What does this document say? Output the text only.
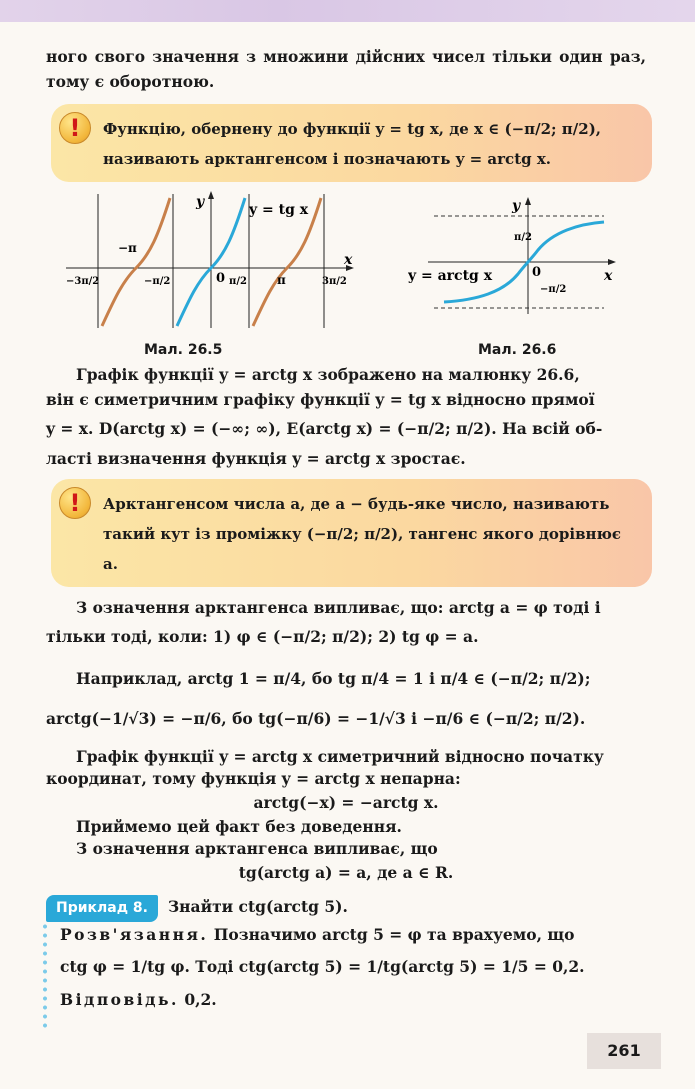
ного свого значення з множини дійсних чисел тільки один раз, тому є оборотною.

!	Функцію, обернену до функції y = tg x, де x ∈ (−π/2; π/2),
називають арктангенсом і позначають y = arctg x.
y
x
y = tg x
0
−3π/2
−π
−π/2	π/2	π	3π/2
Мал. 26.5
y
x
y = arctg x	0
π/2
−π/2
Мал. 26.6

Графік функції y = arctg x зображено на малюнку 26.6,

він є симетричним графіку функції y = tg x відносно прямої

y = x. D(arctg x) = (−∞; ∞), E(arctg x) = (−π/2; π/2). На всій об-

ласті визначення функція y = arctg x зростає.

!	Арктангенсом числа a, де a − будь-яке число, називають
такий кут із проміжку (−π/2; π/2), тангенс якого дорівнює a.

З означення арктангенса випливає, що: arctg a = φ тоді і

тільки тоді, коли: 1) φ ∈ (−π/2; π/2); 2) tg φ = a.

Наприклад, arctg 1 = π/4, бо tg π/4 = 1 і π/4 ∈ (−π/2; π/2);

arctg(−1/√3) = −π/6, бо tg(−π/6) = −1/√3 і −π/6 ∈ (−π/2; π/2).

Графік функції y = arctg x симетричний відносно початку

координат, тому функція y = arctg x непарна:

arctg(−x) = −arctg x.

Приймемо цей факт без доведення.

З означення арктангенса випливає, що

tg(arctg a) = a, де a ∈ R.

Приклад 8. Знайти ctg(arctg 5).

Розв'язання. Позначимо arctg 5 = φ та врахуемо, що

ctg φ = 1/tg φ. Тоді ctg(arctg 5) = 1/tg(arctg 5) = 1/5 = 0,2.

Відповідь. 0,2.

261
